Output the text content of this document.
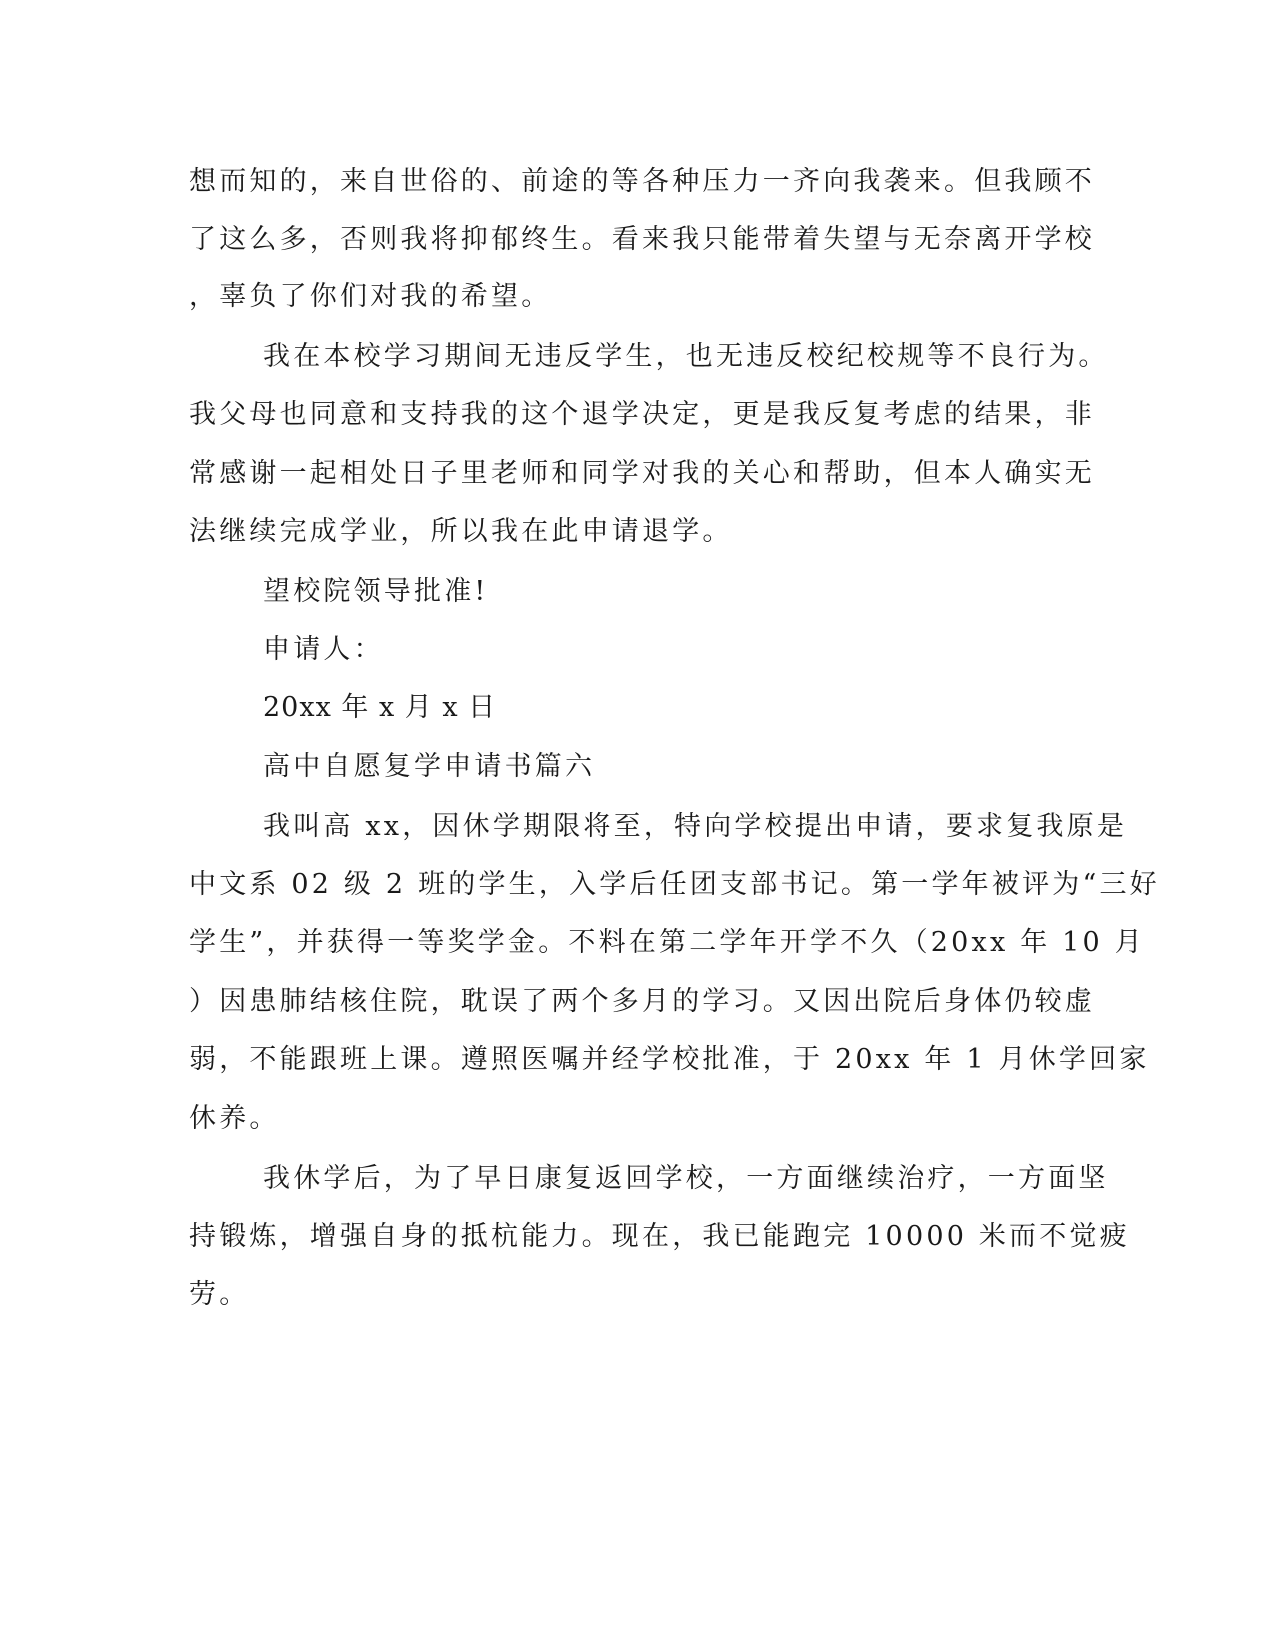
想而知的，来自世俗的、前途的等各种压力一齐向我袭来。但我顾不
了这么多，否则我将抑郁终生。看来我只能带着失望与无奈离开学校
，辜负了你们对我的希望。
我在本校学习期间无违反学生，也无违反校纪校规等不良行为。
我父母也同意和支持我的这个退学决定，更是我反复考虑的结果，非
常感谢一起相处日子里老师和同学对我的关心和帮助，但本人确实无
法继续完成学业，所以我在此申请退学。
望校院领导批准!
申请人：
20xx 年 x 月 x 日
高中自愿复学申请书篇六
我叫高 xx，因休学期限将至，特向学校提出申请，要求复我原是
中文系 02 级 2 班的学生，入学后任团支部书记。第一学年被评为“三好
学生”，并获得一等奖学金。不料在第二学年开学不久（20xx 年 10 月
）因患肺结核住院，耽误了两个多月的学习。又因出院后身体仍较虚
弱，不能跟班上课。遵照医嘱并经学校批准，于 20xx 年 1 月休学回家
休养。
我休学后，为了早日康复返回学校，一方面继续治疗，一方面坚
持锻炼，增强自身的抵杭能力。现在，我已能跑完 10000 米而不觉疲
劳。
